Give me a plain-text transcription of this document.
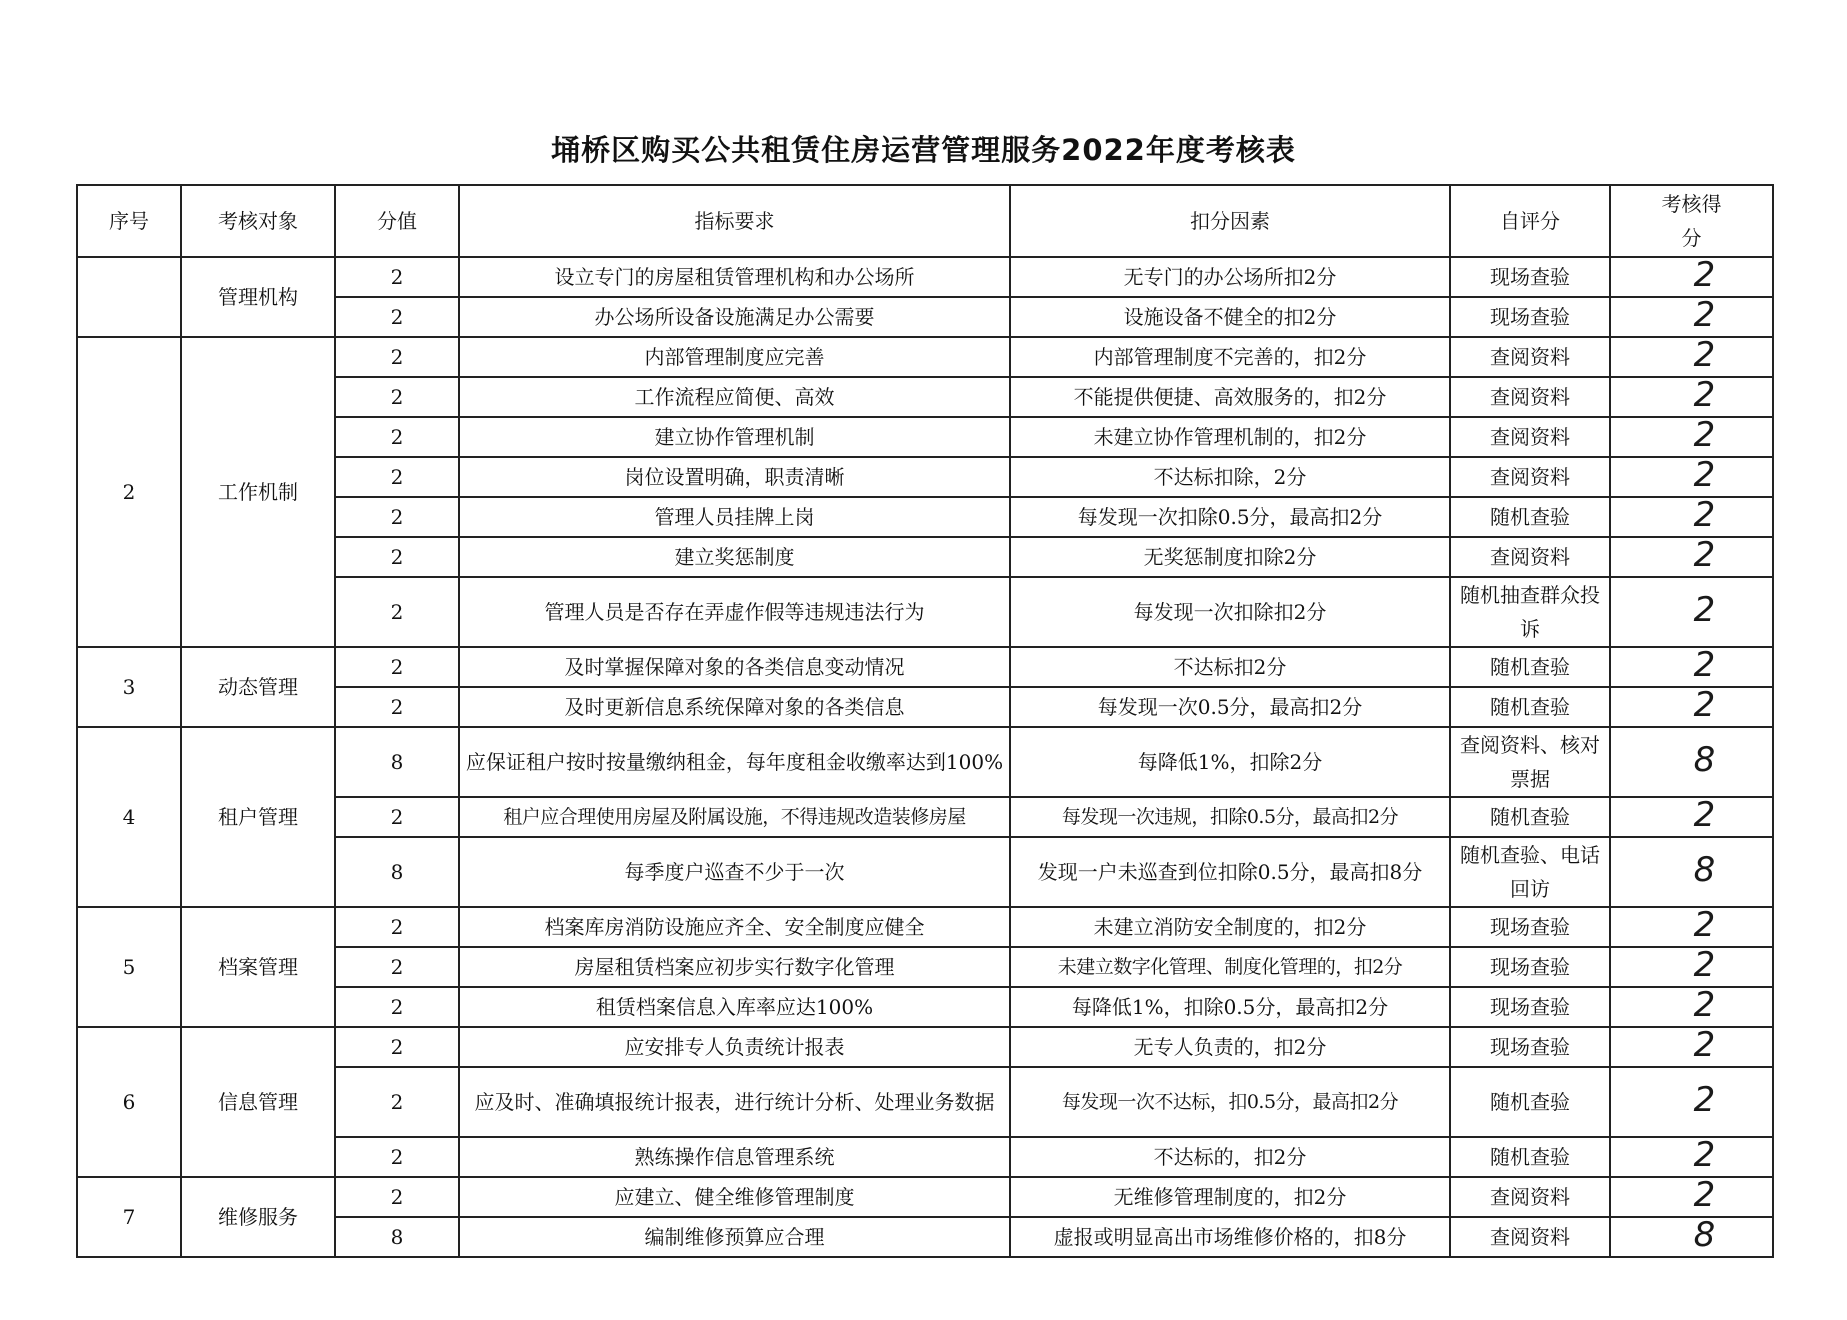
埇桥区购买公共租赁住房运营管理服务2022年度考核表
序号	考核对象	分值	指标要求	扣分因素	自评分	考核得分
	管理机构	2	设立专门的房屋租赁管理机构和办公场所	无专门的办公场所扣2分	现场查验	2
		2	办公场所设备设施满足办公需要	设施设备不健全的扣2分	现场查验	2
2	工作机制	2	内部管理制度应完善	内部管理制度不完善的，扣2分	查阅资料	2
		2	工作流程应简便、高效	不能提供便捷、高效服务的，扣2分	查阅资料	2
		2	建立协作管理机制	未建立协作管理机制的，扣2分	查阅资料	2
		2	岗位设置明确，职责清晰	不达标扣除，2分	查阅资料	2
		2	管理人员挂牌上岗	每发现一次扣除0.5分，最高扣2分	随机查验	2
		2	建立奖惩制度	无奖惩制度扣除2分	查阅资料	2
		2	管理人员是否存在弄虚作假等违规违法行为	每发现一次扣除扣2分	随机抽查群众投诉	2
3	动态管理	2	及时掌握保障对象的各类信息变动情况	不达标扣2分	随机查验	2
		2	及时更新信息系统保障对象的各类信息	每发现一次0.5分，最高扣2分	随机查验	2
4	租户管理	8	应保证租户按时按量缴纳租金，每年度租金收缴率达到100%	每降低1%，扣除2分	查阅资料、核对票据	8
		2	租户应合理使用房屋及附属设施，不得违规改造装修房屋	每发现一次违规，扣除0.5分，最高扣2分	随机查验	2
		8	每季度户巡查不少于一次	发现一户未巡查到位扣除0.5分，最高扣8分	随机查验、电话回访	8
5	档案管理	2	档案库房消防设施应齐全、安全制度应健全	未建立消防安全制度的，扣2分	现场查验	2
		2	房屋租赁档案应初步实行数字化管理	未建立数字化管理、制度化管理的，扣2分	现场查验	2
		2	租赁档案信息入库率应达100%	每降低1%，扣除0.5分，最高扣2分	现场查验	2
6	信息管理	2	应安排专人负责统计报表	无专人负责的，扣2分	现场查验	2
		2	应及时、准确填报统计报表，进行统计分析、处理业务数据	每发现一次不达标，扣0.5分，最高扣2分	随机查验	2
		2	熟练操作信息管理系统	不达标的，扣2分	随机查验	2
7	维修服务	2	应建立、健全维修管理制度	无维修管理制度的，扣2分	查阅资料	2
		8	编制维修预算应合理	虚报或明显高出市场维修价格的，扣8分	查阅资料	8
